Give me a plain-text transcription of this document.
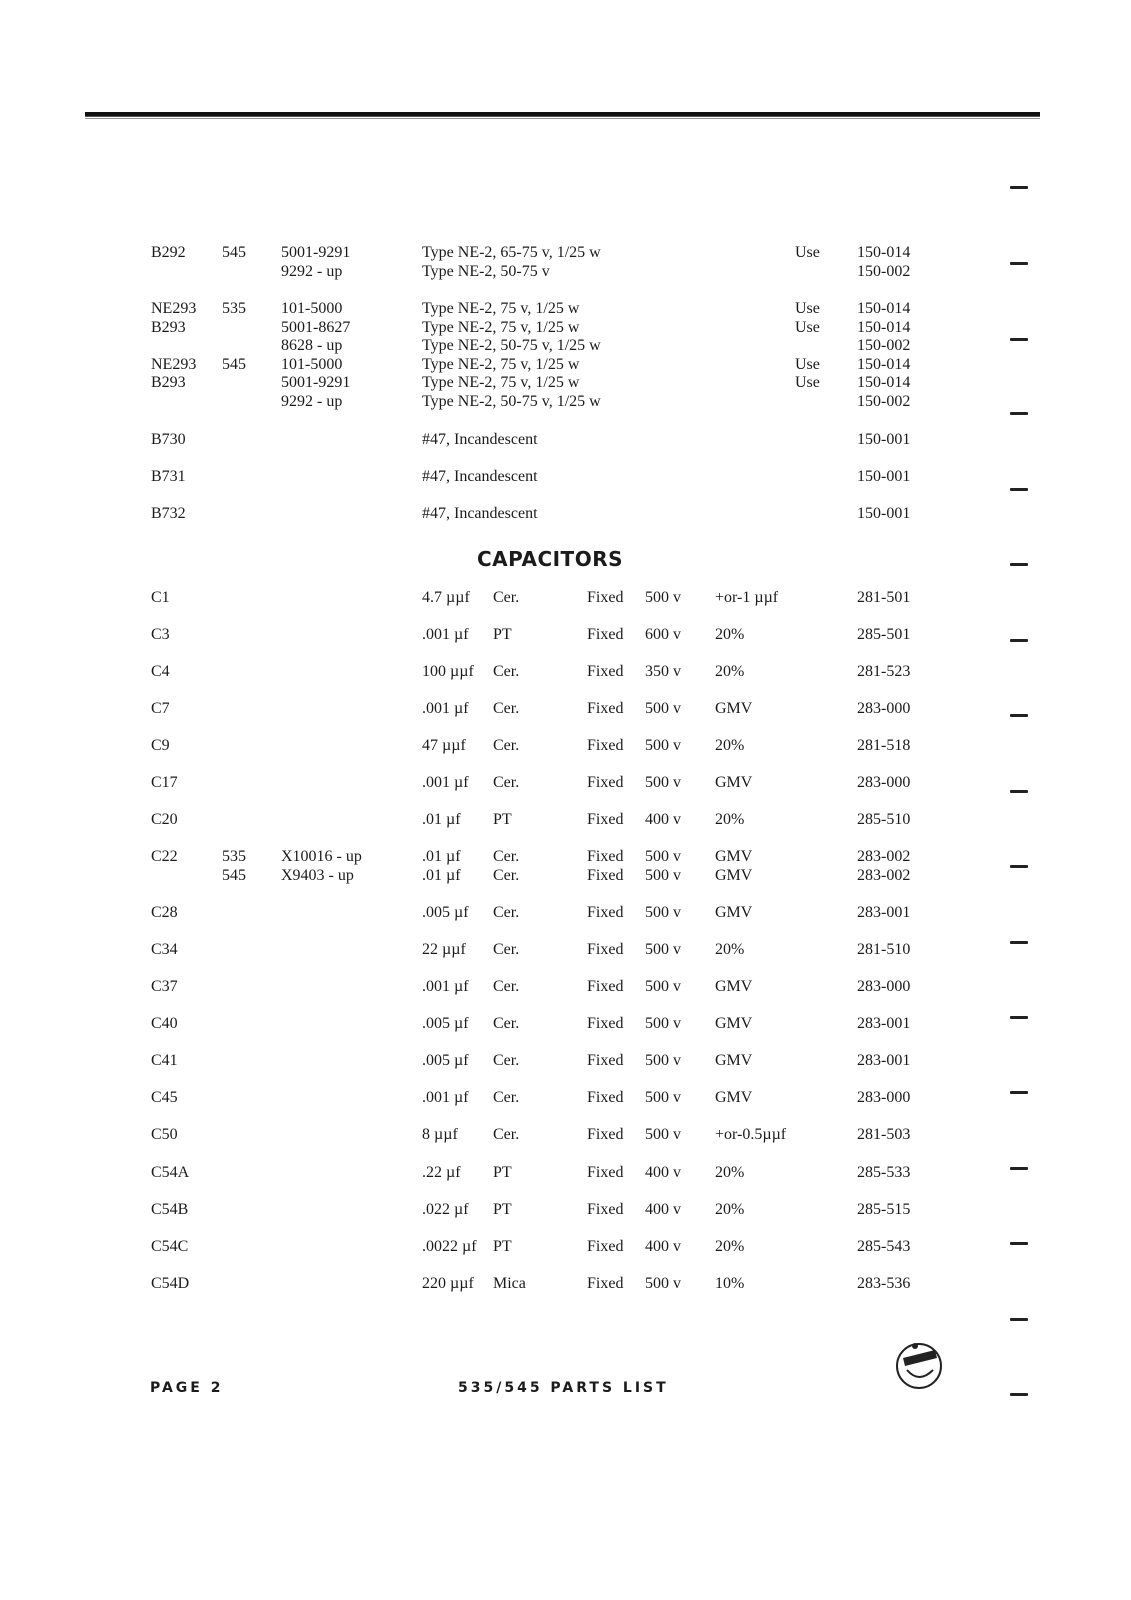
B292 545 5001-9291	Type NE-2, 65-75 v, 1/25 w	Use 150-014
9292 - up	Type NE-2, 50-75 v	150-002
NE293 535 101-5000	Type NE-2, 75 v, 1/25 w	Use 150-014
B293	5001-8627	Type NE-2, 75 v, 1/25 w	Use 150-014
8628 - up	Type NE-2, 50-75 v, 1/25 w	150-002
NE293 545 101-5000	Type NE-2, 75 v, 1/25 w	Use 150-014
B293	5001-9291	Type NE-2, 75 v, 1/25 w	Use 150-014
9292 - up	Type NE-2, 50-75 v, 1/25 w	150-002
B730	#47, Incandescent	150-001
B731	#47, Incandescent	150-001
B732	#47, Incandescent	150-001
CAPACITORS
C1	4.7 µµf Cer.	Fixed 500 v +or-1 µµf	281-501
C3	.001 µf PT	Fixed 600 v 20%	285-501
C4	100 µµf Cer.	Fixed 350 v 20%	281-523
C7	.001 µf Cer.	Fixed 500 v GMV	283-000
C9	47 µµf Cer.	Fixed 500 v 20%	281-518
C17	.001 µf Cer.	Fixed 500 v GMV	283-000
C20	.01 µf PT	Fixed 400 v 20%	285-510
C22	535 X10016 - up	.01 µf Cer.	Fixed 500 v GMV	283-002
545 X9403 - up	.01 µf Cer.	Fixed 500 v GMV	283-002
C28	.005 µf Cer.	Fixed 500 v GMV	283-001
C34	22 µµf Cer.	Fixed 500 v 20%	281-510
C37	.001 µf Cer.	Fixed 500 v GMV	283-000
C40	.005 µf Cer.	Fixed 500 v GMV	283-001
C41	.005 µf Cer.	Fixed 500 v GMV	283-001
C45	.001 µf Cer.	Fixed 500 v GMV	283-000
C50	8 µµf Cer.	Fixed 500 v +or-0.5µµf	281-503
C54A	.22 µf PT	Fixed 400 v 20%	285-533
C54B	.022 µf PT	Fixed 400 v 20%	285-515
C54C	.0022 µf PT	Fixed 400 v 20%	285-543
C54D	220 µµf Mica	Fixed 500 v 10%	283-536
PAGE 2	535/545 PARTS LIST
